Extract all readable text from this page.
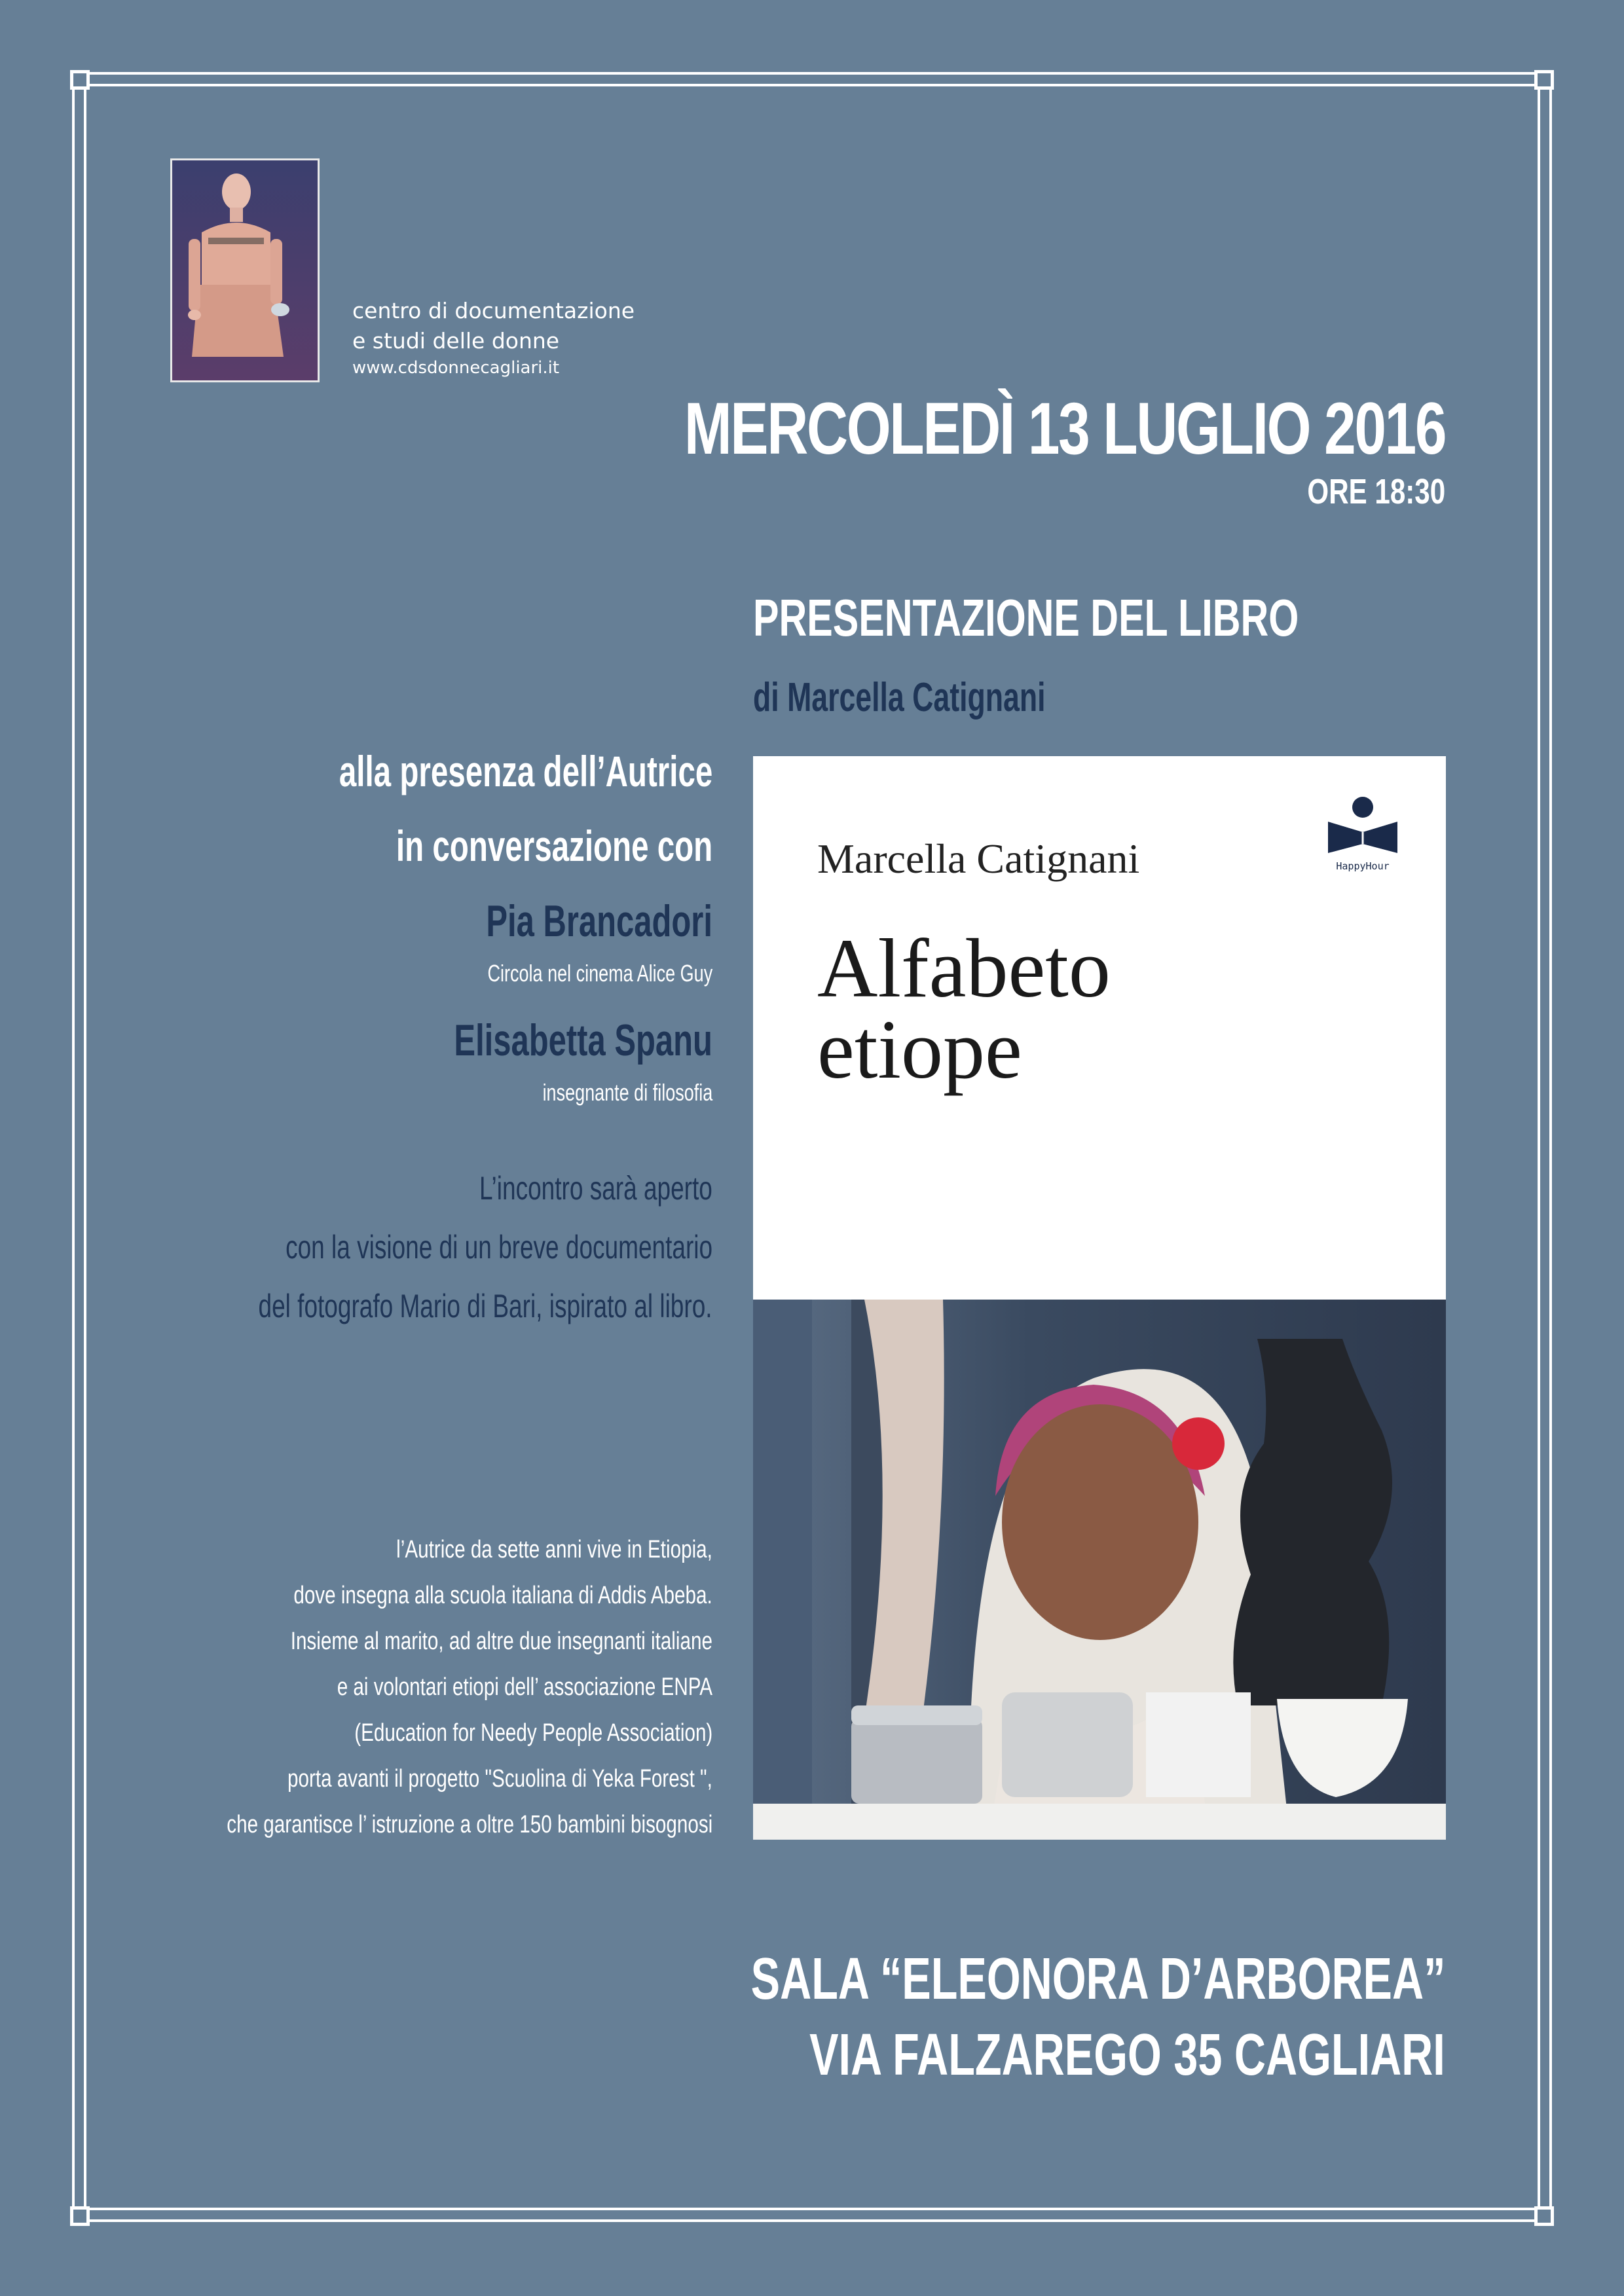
centro di documentazione
e studi delle donne
www.cdsdonnecagliari.it
MERCOLEDÌ 13 LUGLIO 2016
ORE 18:30
PRESENTAZIONE DEL LIBRO
di Marcella Catignani
alla presenza dell’Autrice
in conversazione con
Pia Brancadori
Circola nel cinema Alice Guy
Elisabetta Spanu
insegnante di filosofia
L’incontro sarà aperto
con la visione di un breve documentario
del fotografo Mario di Bari, ispirato al libro.
l’Autrice da sette anni vive in Etiopia,
dove insegna alla scuola italiana di Addis Abeba.
Insieme al marito, ad altre due insegnanti italiane
e ai volontari etiopi dell’ associazione ENPA
(Education for Needy People Association)
porta avanti il progetto "Scuolina di Yeka Forest ",
che garantisce l’ istruzione a oltre 150 bambini bisognosi
Marcella Catignani
Alfabeto
etiope
HappyHour
SALA “ELEONORA D’ARBOREA”
VIA FALZAREGO 35 CAGLIARI
